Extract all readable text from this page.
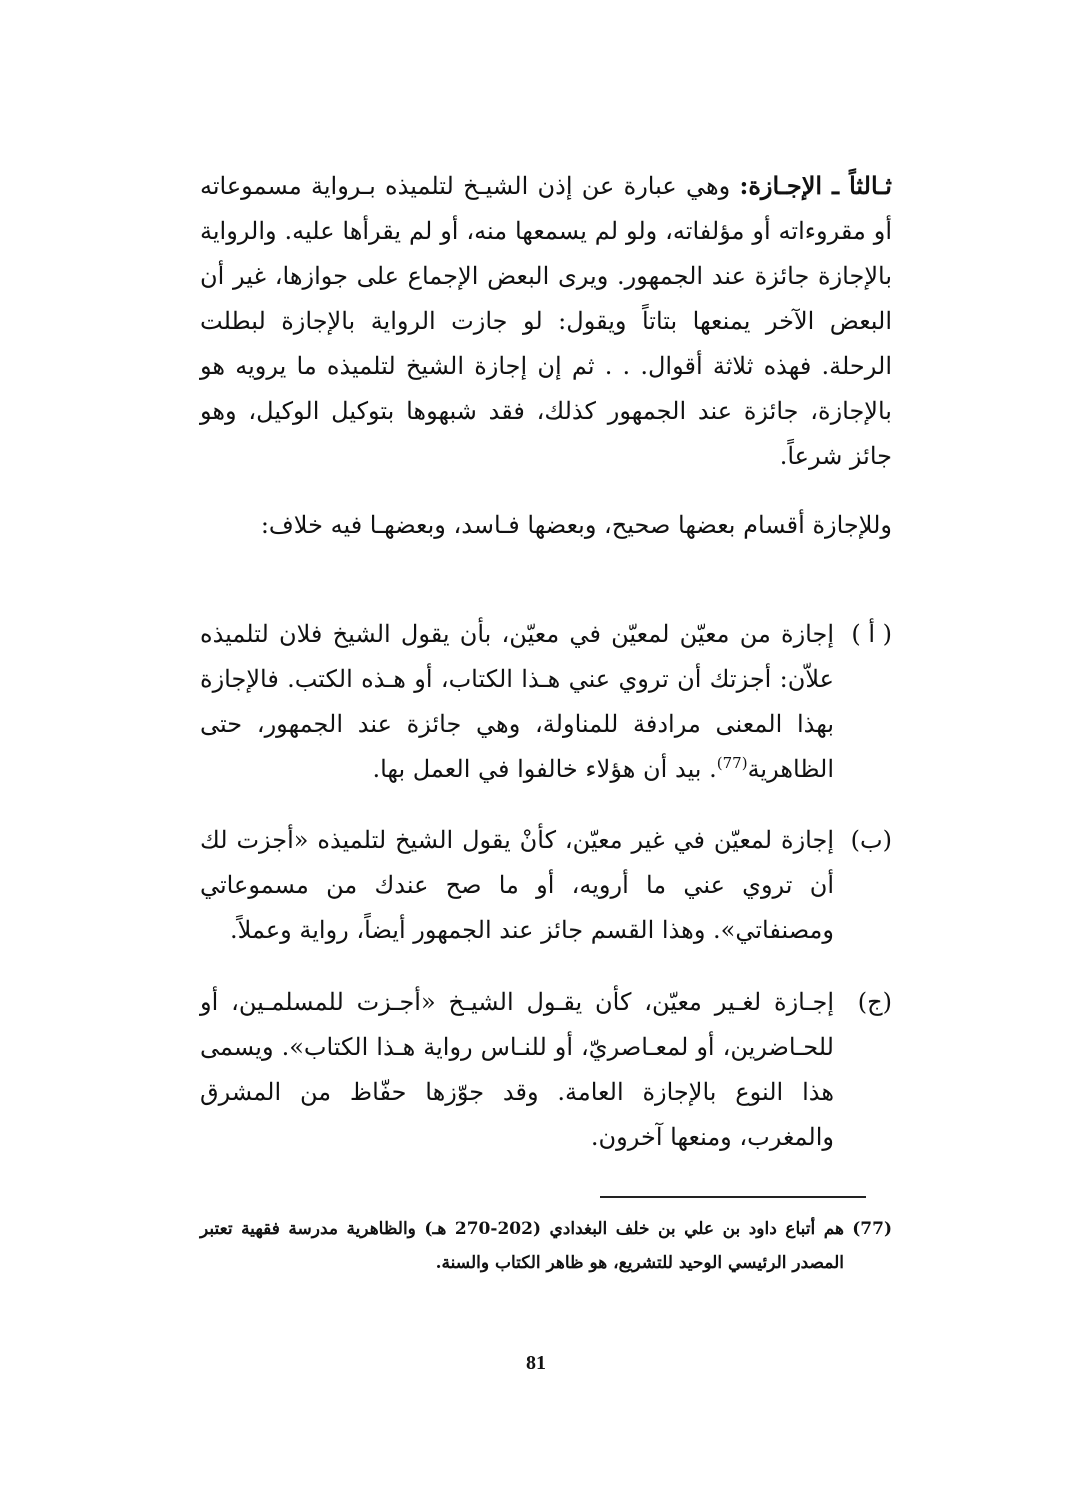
ثـالثاً ـ الإجـازة: وهي عبارة عن إذن الشيـخ لتلميذه بـرواية مسموعاته أو مقروءاته أو مؤلفاته، ولو لم يسمعها منه، أو لم يقرأها عليه. والرواية بالإجازة جائزة عند الجمهور. ويرى البعض الإجماع على جوازها، غير أن البعض الآخر يمنعها بتاتاً ويقول: لو جازت الرواية بالإجازة لبطلت الرحلة. فهذه ثلاثة أقوال. . . ثم إن إجازة الشيخ لتلميذه ما يرويه هو بالإجازة، جائزة عند الجمهور كذلك، فقد شبهوها بتوكيل الوكيل، وهو جائز شرعاً.
وللإجازة أقسام بعضها صحيح، وبعضها فـاسد، وبعضهـا فيه خلاف:
( أ )
إجازة من معيّن لمعيّن في معيّن، بأن يقول الشيخ فلان لتلميذه علاّن: أجزتك أن تروي عني هـذا الكتاب، أو هـذه الكتب. فالإجازة بهذا المعنى مرادفة للمناولة، وهي جائزة عند الجمهور، حتى الظاهرية$^{(77)}$. بيد أن هؤلاء خالفوا في العمل بها.
(ب)
إجازة لمعيّن في غير معيّن، كأنْ يقول الشيخ لتلميذه «أجزت لك أن تروي عني ما أرويه، أو ما صح عندك من مسموعاتي ومصنفاتي». وهذا القسم جائز عند الجمهور أيضاً، رواية وعملاً.
(ج)
إجـازة لغـير معيّن، كأن يقـول الشيـخ «أجـزت للمسلمـين، أو للحـاضرين، أو لمعـاصريّ، أو للنـاس رواية هـذا الكتاب». ويسمى هذا النوع بالإجازة العامة. وقد جوّزها حفّاظ من المشرق والمغرب، ومنعها آخرون.
(77)
هم أتباع داود بن علي بن خلف البغدادي (202-270 هـ) والظاهرية مدرسة فقهية تعتبر المصدر الرئيسي الوحيد للتشريع، هو ظاهر الكتاب والسنة.
81
